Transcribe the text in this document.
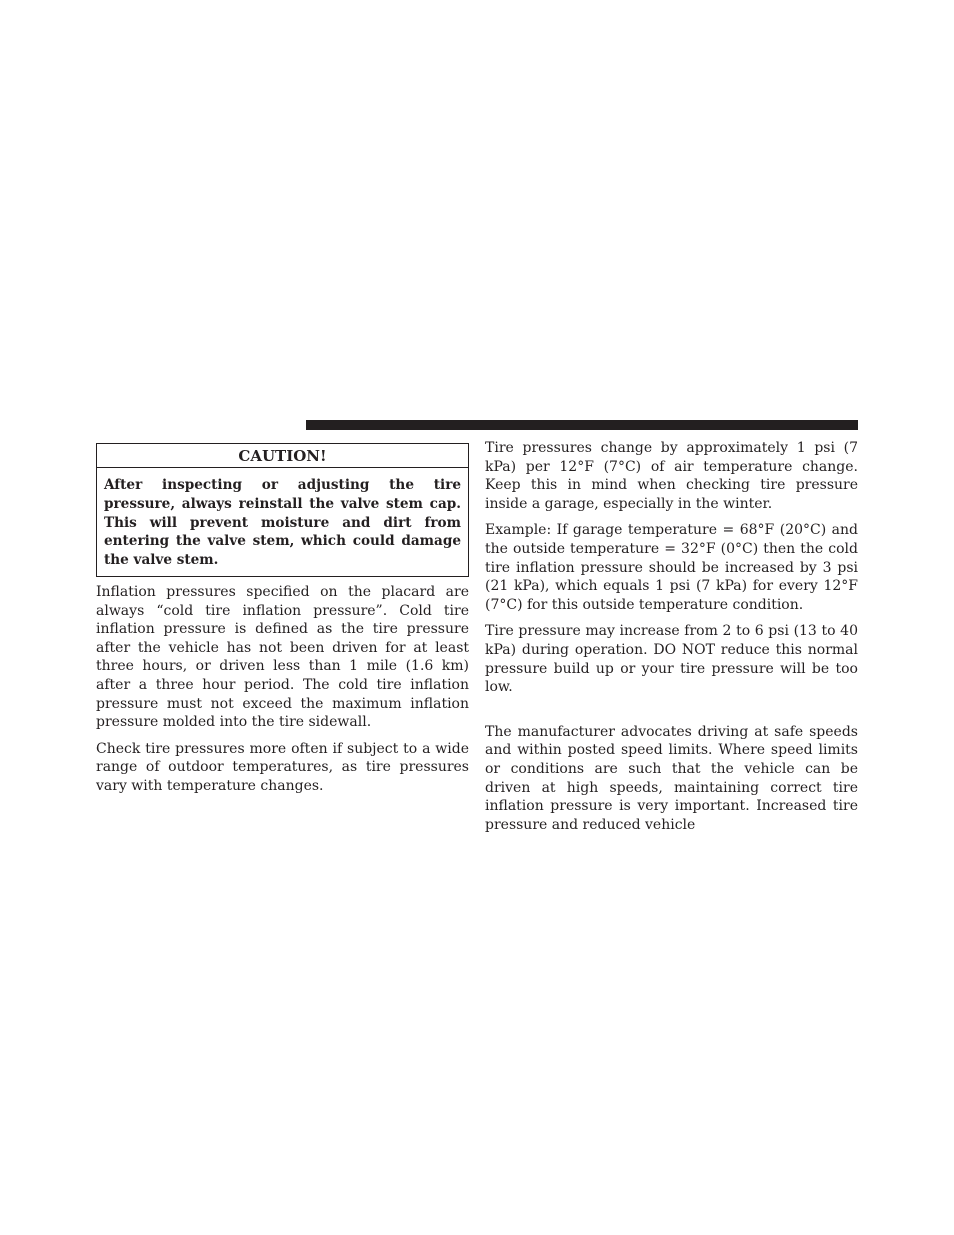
CAUTION!
After inspecting or adjusting the tire pressure, always reinstall the valve stem cap. This will prevent moisture and dirt from entering the valve stem, which could damage the valve stem.

Inflation pressures specified on the placard are always “cold tire inflation pressure”. Cold tire inflation pressure is defined as the tire pressure after the vehicle has not been driven for at least three hours, or driven less than 1 mile (1.6 km) after a three hour period. The cold tire inflation pressure must not exceed the maximum inflation pressure molded into the tire sidewall.

Check tire pressures more often if subject to a wide range of outdoor temperatures, as tire pressures vary with temperature changes.

Tire pressures change by approximately 1 psi (7 kPa) per 12°F (7°C) of air temperature change. Keep this in mind when checking tire pressure inside a garage, especially in the winter.

Example: If garage temperature = 68°F (20°C) and the outside temperature = 32°F (0°C) then the cold tire inflation pressure should be increased by 3 psi (21 kPa), which equals 1 psi (7 kPa) for every 12°F (7°C) for this outside temperature condition.

Tire pressure may increase from 2 to 6 psi (13 to 40 kPa) during operation. DO NOT reduce this normal pressure build up or your tire pressure will be too low.

The manufacturer advocates driving at safe speeds and within posted speed limits. Where speed limits or conditions are such that the vehicle can be driven at high speeds, maintaining correct tire inflation pressure is very important. Increased tire pressure and reduced vehicle
